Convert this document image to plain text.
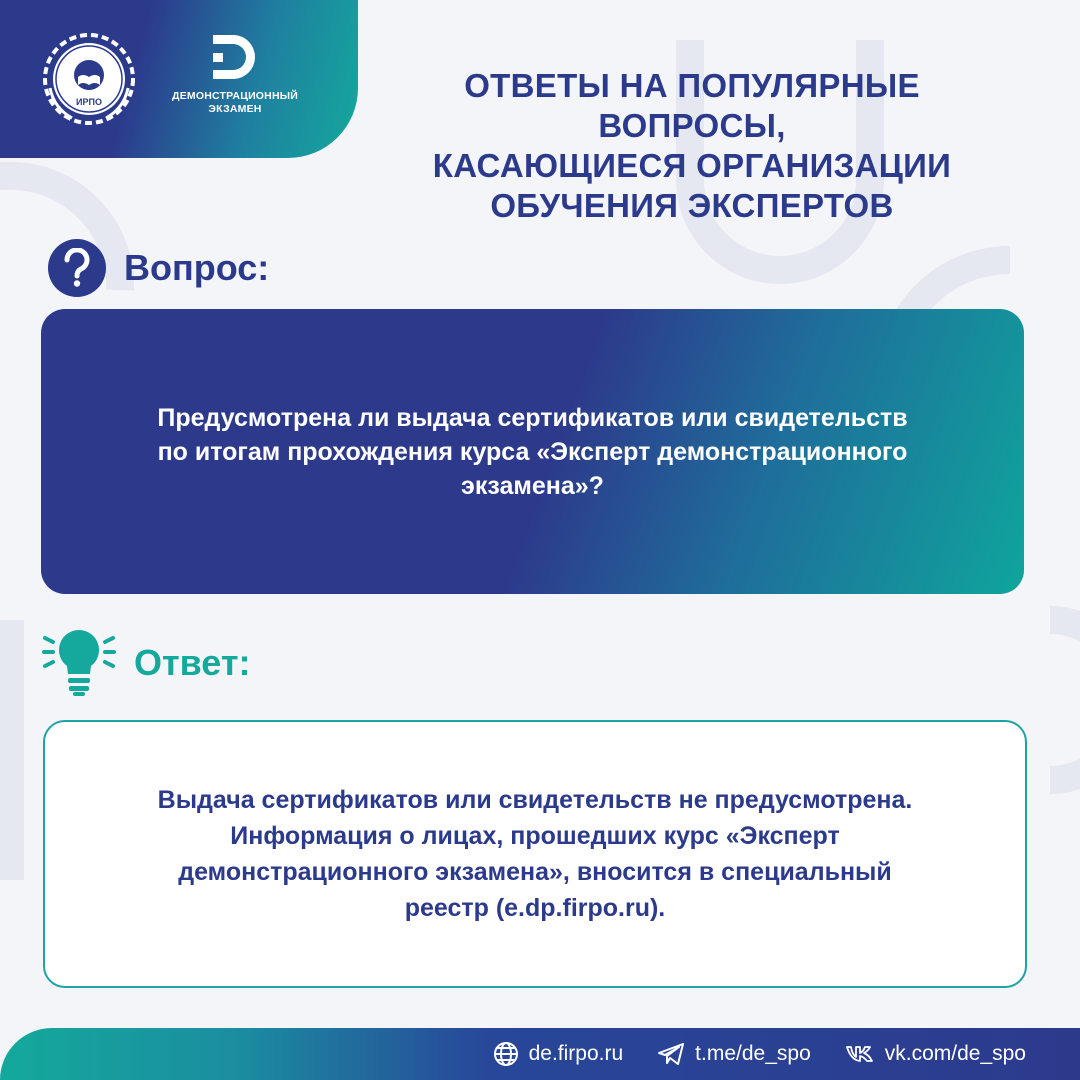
ИРПО	ДЕМОНСТРАЦИОННЫЙ
ЭКЗАМЕН
ОТВЕТЫ НА ПОПУЛЯРНЫЕ ВОПРОСЫ,
КАСАЮЩИЕСЯ ОРГАНИЗАЦИИ
ОБУЧЕНИЯ ЭКСПЕРТОВ
Вопрос:
Предусмотрена ли выдача сертификатов или свидетельств
по итогам прохождения курса «Эксперт демонстрационного
экзамена»?
Ответ:
Выдача сертификатов или свидетельств не предусмотрена.
Информация о лицах, прошедших курс «Эксперт
демонстрационного экзамена», вносится в специальный
реестр (e.dp.firpo.ru).
de.firpo.ru	t.me/de_spo	vk.com/de_spo
